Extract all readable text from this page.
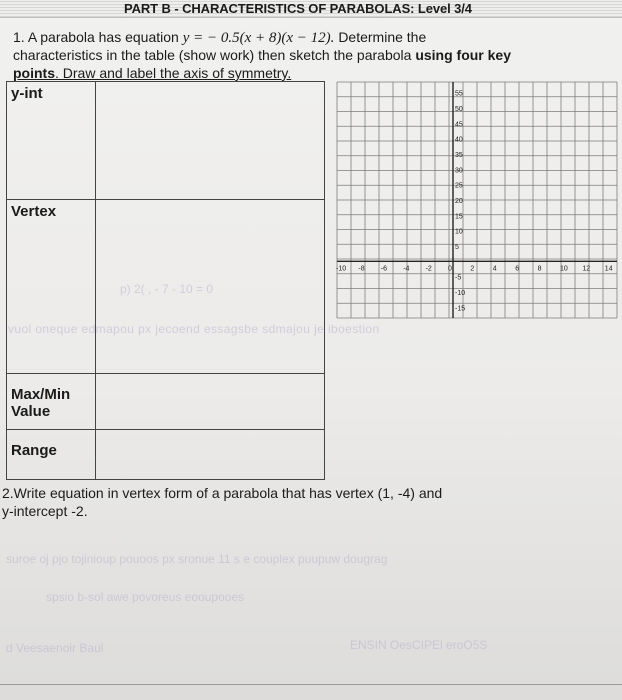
PART B - CHARACTERISTICS OF PARABOLAS: Level 3/4
1. A parabola has equation y = − 0.5(x + 8)(x − 12). Determine the
characteristics in the table (show work) then sketch the parabola using four key
points. Draw and label the axis of symmetry.
y-int	
Vertex	
Max/Min Value	
Range	
-10 -8 -6 -4 -2 0	2	4	6	8	10 12 14
55
50
45
40
35
30
25
20
15
10
5
-5
-10
-15
p) 2( , - 7 - 10 = 0
vuol oneque edmapou px jecoend essagsbe sdmajou je iboestion
suroe oj pjo tojinioup pouoos px sronue 11 s e couplex puupuw dougrag
spsio b-sol awe povoreus eooupooes
d Veesaenoir Baul	ENSIN OesCIPEl eroO5S
2.Write equation in vertex form of a parabola that has vertex (1, -4) and
y-intercept -2.
